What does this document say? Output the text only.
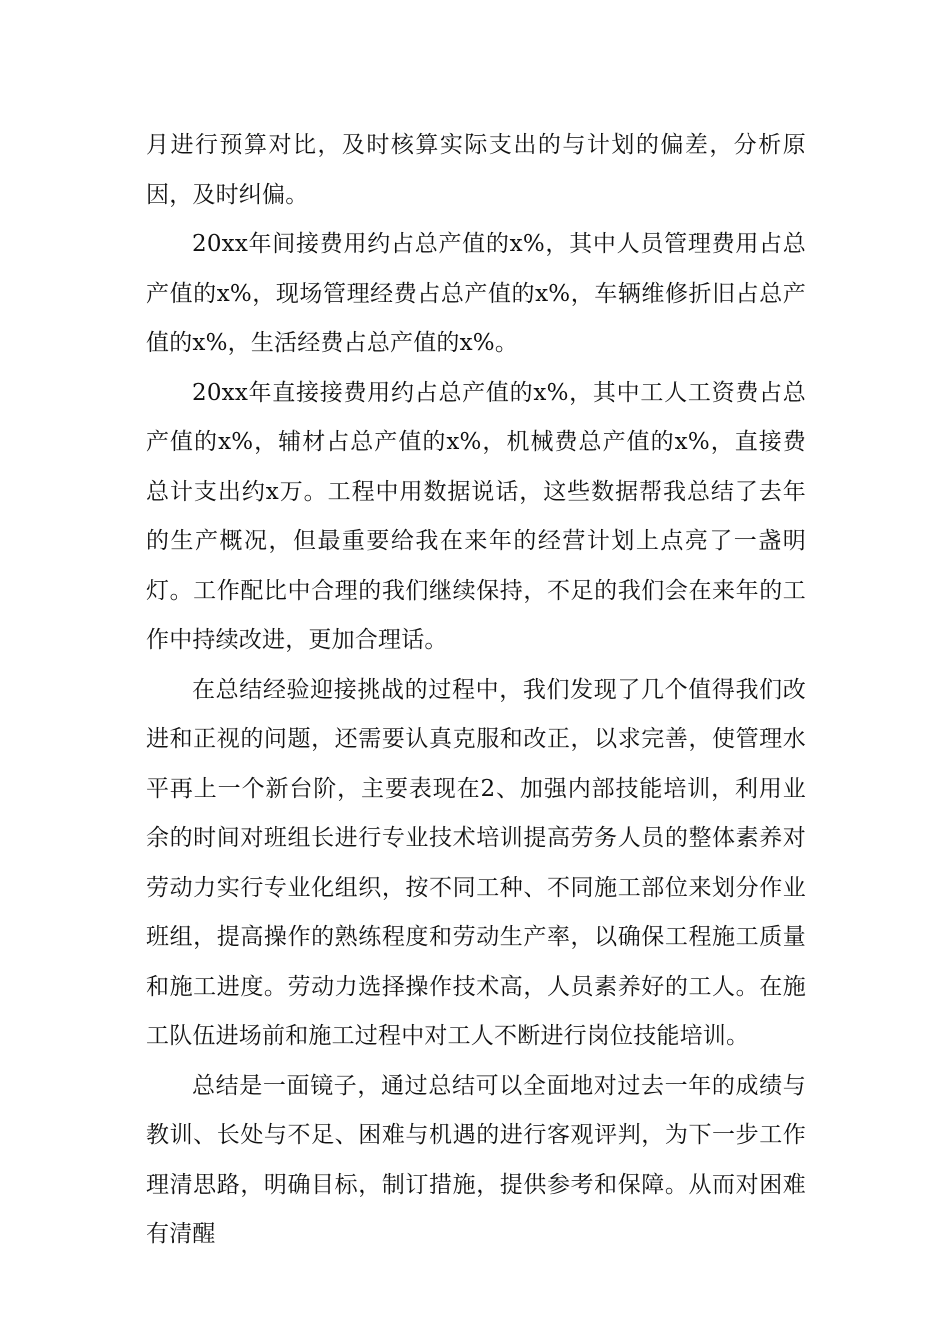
月进行预算对比，及时核算实际支出的与计划的偏差，分析原因，及时纠偏。

20xx年间接费用约占总产值的x%，其中人员管理费用占总产值的x%，现场管理经费占总产值的x%，车辆维修折旧占总产值的x%，生活经费占总产值的x%。

20xx年直接接费用约占总产值的x%，其中工人工资费占总产值的x%，辅材占总产值的x%，机械费总产值的x%，直接费总计支出约x万。工程中用数据说话，这些数据帮我总结了去年的生产概况，但最重要给我在来年的经营计划上点亮了一盏明灯。工作配比中合理的我们继续保持，不足的我们会在来年的工作中持续改进，更加合理话。

在总结经验迎接挑战的过程中，我们发现了几个值得我们改进和正视的问题，还需要认真克服和改正，以求完善，使管理水平再上一个新台阶，主要表现在2、加强内部技能培训，利用业余的时间对班组长进行专业技术培训提高劳务人员的整体素养对劳动力实行专业化组织，按不同工种、不同施工部位来划分作业班组，提高操作的熟练程度和劳动生产率，以确保工程施工质量和施工进度。劳动力选择操作技术高，人员素养好的工人。在施工队伍进场前和施工过程中对工人不断进行岗位技能培训。

总结是一面镜子，通过总结可以全面地对过去一年的成绩与教训、长处与不足、困难与机遇的进行客观评判，为下一步工作理清思路，明确目标，制订措施，提供参考和保障。从而对困难有清醒
